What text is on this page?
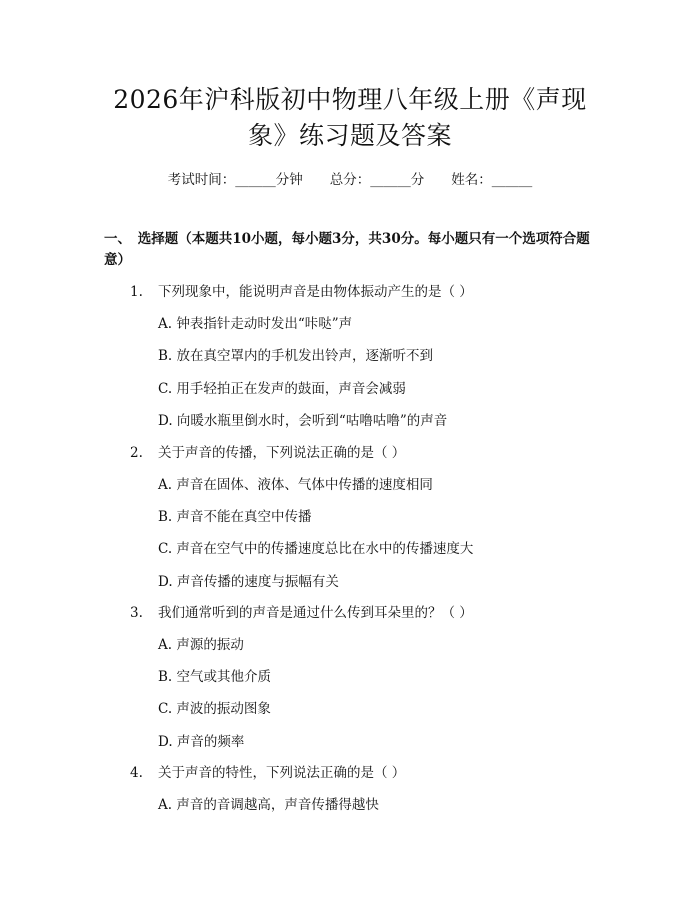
2026年沪科版初中物理八年级上册《声现象》练习题及答案
考试时间：______分钟　　总分：______分　　姓名：______
一、　选择题（本题共10小题，每小题3分，共30分。每小题只有一个选项符合题意）
1. 下列现象中，能说明声音是由物体振动产生的是（ ）
A. 钟表指针走动时发出“咔哒”声
B. 放在真空罩内的手机发出铃声，逐渐听不到
C. 用手轻拍正在发声的鼓面，声音会减弱
D. 向暖水瓶里倒水时，会听到“咕噜咕噜”的声音
2. 关于声音的传播，下列说法正确的是（ ）
A. 声音在固体、液体、气体中传播的速度相同
B. 声音不能在真空中传播
C. 声音在空气中的传播速度总比在水中的传播速度大
D. 声音传播的速度与振幅有关
3. 我们通常听到的声音是通过什么传到耳朵里的？（ ）
A. 声源的振动
B. 空气或其他介质
C. 声波的振动图象
D. 声音的频率
4. 关于声音的特性，下列说法正确的是（ ）
A. 声音的音调越高，声音传播得越快
